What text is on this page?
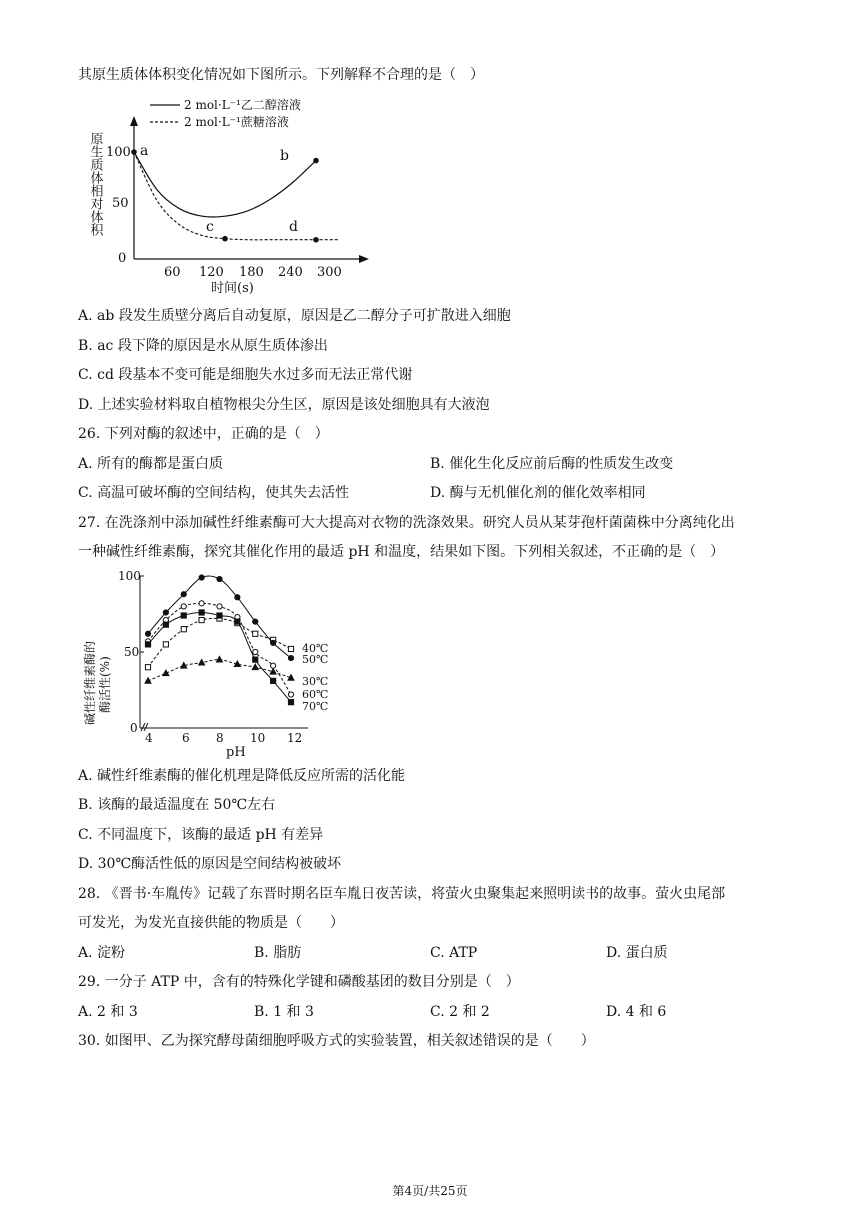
其原生质体体积变化情况如下图所示。下列解释不合理的是（　）
2 mol·L⁻¹乙二醇溶液
2 mol·L⁻¹蔗糖溶液
原生质体相对体积 100
50
0
60 120 180 240 300
时间(s)
a	b
c	d
A. ab 段发生质壁分离后自动复原，原因是乙二醇分子可扩散进入细胞
B. ac 段下降的原因是水从原生质体渗出
C. cd 段基本不变可能是细胞失水过多而无法正常代谢
D. 上述实验材料取自植物根尖分生区，原因是该处细胞具有大液泡
26. 下列对酶的叙述中，正确的是（　）
A. 所有的酶都是蛋白质	B. 催化生化反应前后酶的性质发生改变
C. 高温可破坏酶的空间结构，使其失去活性	D. 酶与无机催化剂的催化效率相同
27. 在洗涤剂中添加碱性纤维素酶可大大提高对衣物的洗涤效果。研究人员从某芽孢杆菌菌株中分离纯化出
一种碱性纤维素酶，探究其催化作用的最适 pH 和温度，结果如下图。下列相关叙述，不正确的是（　）
碱性纤维素酶的 酶活性(%)
100
50
0
4 6 8 10 12
pH
40℃
50℃
30℃
60℃
70℃
A. 碱性纤维素酶的催化机理是降低反应所需的活化能
B. 该酶的最适温度在 50℃左右
C. 不同温度下，该酶的最适 pH 有差异
D. 30℃酶活性低的原因是空间结构被破坏
28. 《晋书·车胤传》记载了东晋时期名臣车胤日夜苦读，将萤火虫聚集起来照明读书的故事。萤火虫尾部
可发光，为发光直接供能的物质是（　　）
A. 淀粉	B. 脂肪	C. ATP	D. 蛋白质
29. 一分子 ATP 中，含有的特殊化学键和磷酸基团的数目分别是（　）
A. 2 和 3	B. 1 和 3	C. 2 和 2	D. 4 和 6
30. 如图甲、乙为探究酵母菌细胞呼吸方式的实验装置，相关叙述错误的是（　　）
第4页/共25页
